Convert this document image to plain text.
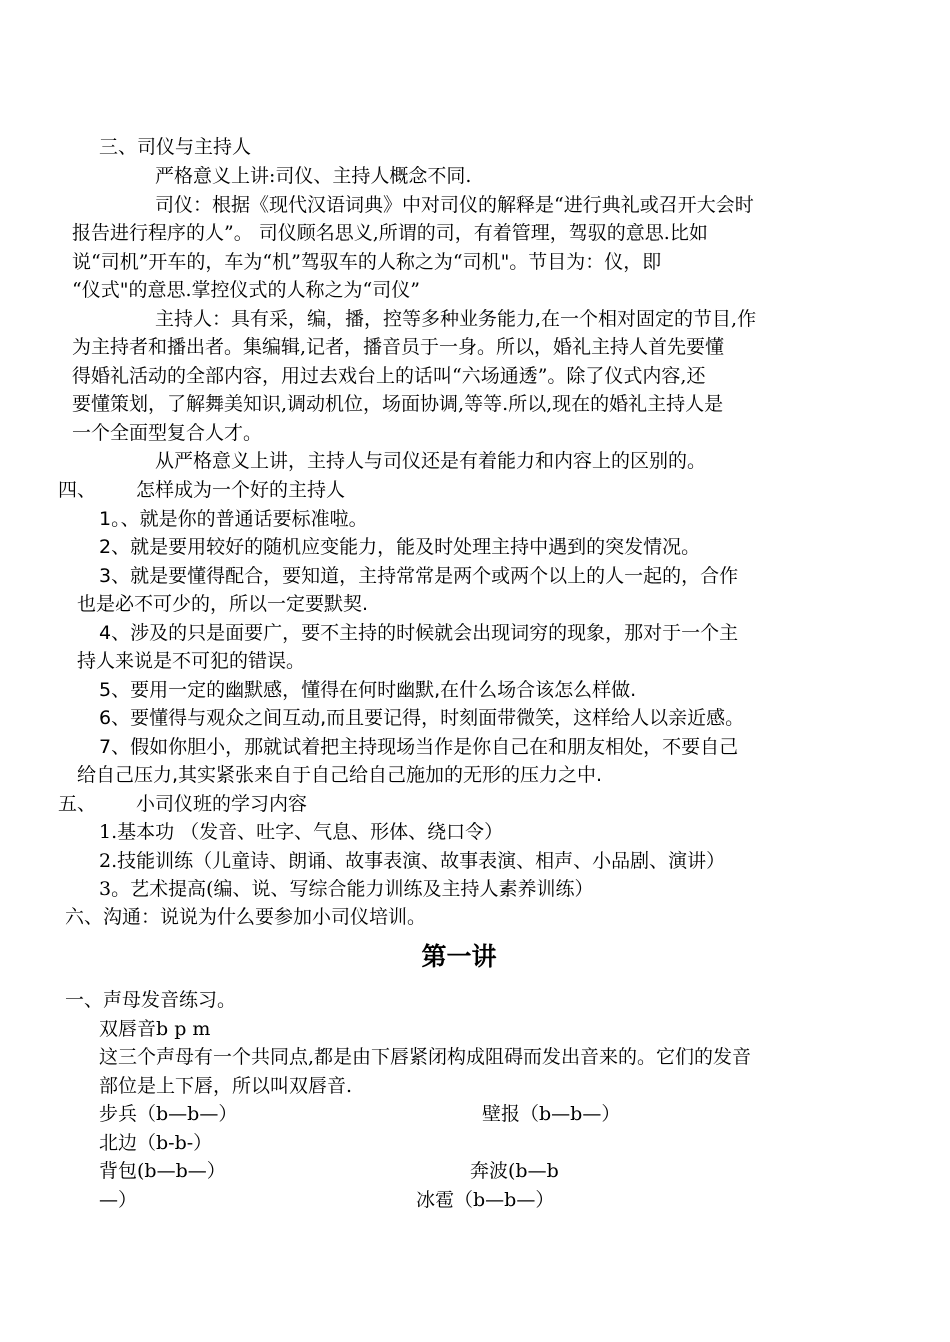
三、司仪与主持人
严格意义上讲:司仪、主持人概念不同.
司仪：根据《现代汉语词典》中对司仪的解释是“进行典礼或召开大会时
报告进行程序的人”。 司仪顾名思义,所谓的司，有着管理，驾驭的意思.比如
说“司机”开车的，车为“机”驾驭车的人称之为“司机"。节目为：仪，即
“仪式"的意思.掌控仪式的人称之为“司仪”
主持人：具有采，编，播，控等多种业务能力,在一个相对固定的节目,作
为主持者和播出者。集编辑,记者，播音员于一身。所以，婚礼主持人首先要懂
得婚礼活动的全部内容，用过去戏台上的话叫“六场通透”。除了仪式内容,还
要懂策划，了解舞美知识,调动机位，场面协调,等等.所以,现在的婚礼主持人是
一个全面型复合人才。
从严格意义上讲，主持人与司仪还是有着能力和内容上的区别的。
四、 怎样成为一个好的主持人
1。、就是你的普通话要标准啦。
2、就是要用较好的随机应变能力，能及时处理主持中遇到的突发情况。
3、就是要懂得配合，要知道，主持常常是两个或两个以上的人一起的，合作
也是必不可少的，所以一定要默契.
4、涉及的只是面要广，要不主持的时候就会出现词穷的现象，那对于一个主
持人来说是不可犯的错误。
5、要用一定的幽默感，懂得在何时幽默,在什么场合该怎么样做.
6、要懂得与观众之间互动,而且要记得，时刻面带微笑，这样给人以亲近感。
7、假如你胆小，那就试着把主持现场当作是你自己在和朋友相处，不要自己
给自己压力,其实紧张来自于自己给自己施加的无形的压力之中.
五、 小司仪班的学习内容
1.基本功 （发音、吐字、气息、形体、绕口令）
2.技能训练（儿童诗、朗诵、故事表演、故事表演、相声、小品剧、演讲）
3。艺术提高(编、说、写综合能力训练及主持人素养训练）
六、沟通：说说为什么要参加小司仪培训。
第一讲
一、声母发音练习。
双唇音b p m
这三个声母有一个共同点,都是由下唇紧闭构成阻碍而发出音来的。它们的发音
部位是上下唇，所以叫双唇音.
步兵（b—b—）	壁报（b—b—）
北边（b-b-）
背包(b—b—）	奔波(b—b
—）	冰雹（b—b—）
